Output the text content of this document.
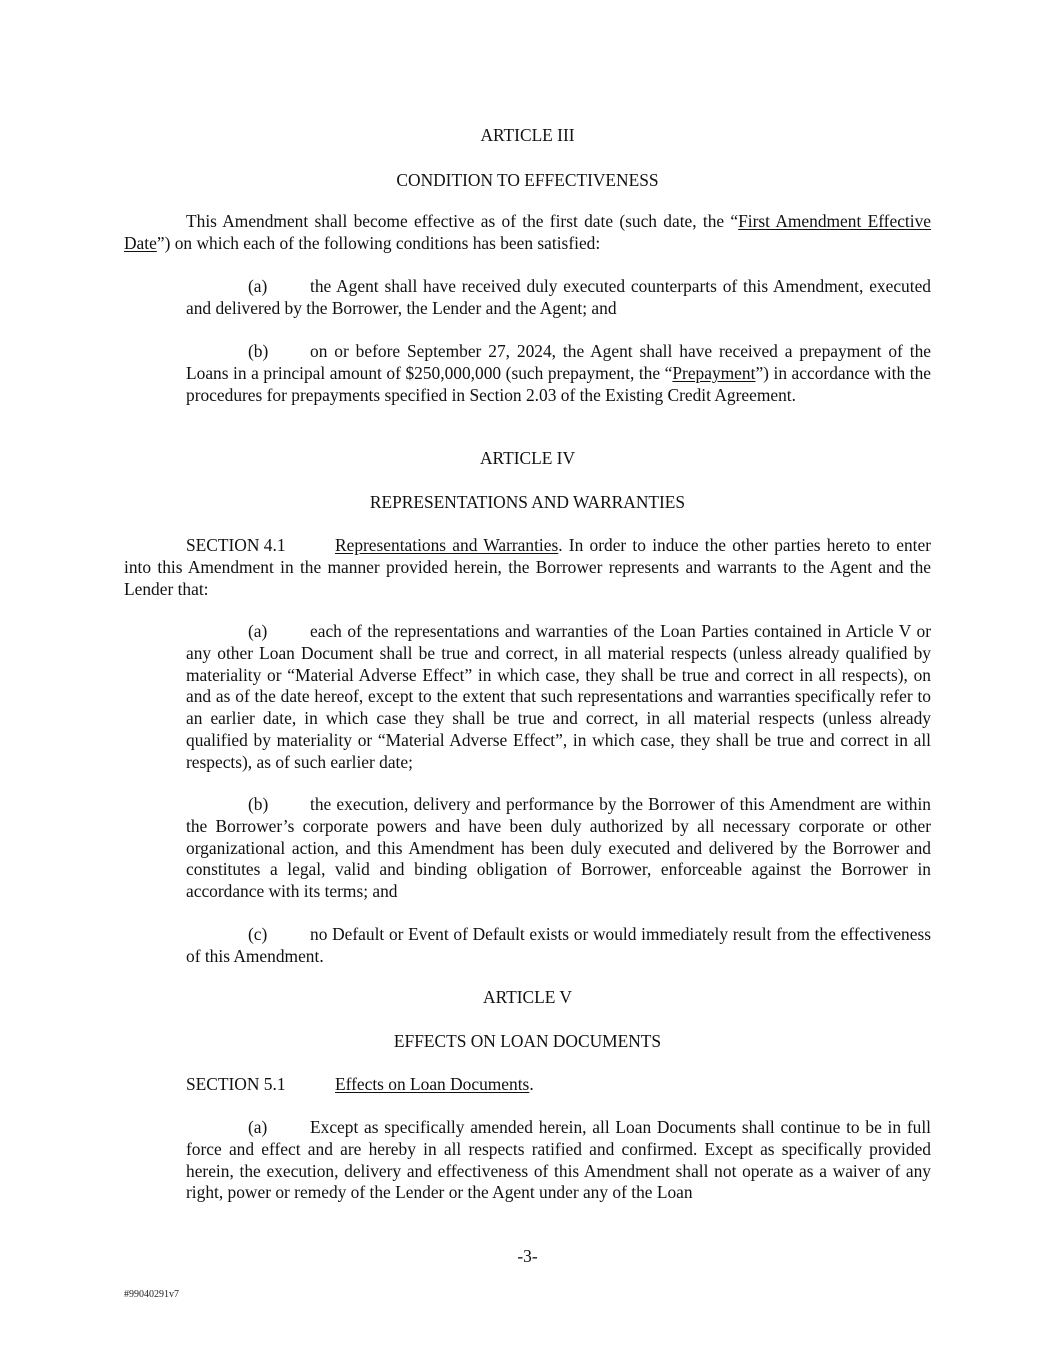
ARTICLE III
CONDITION TO EFFECTIVENESS

This Amendment shall become effective as of the first date (such date, the “First Amendment Effective Date”) on which each of the following conditions has been satisfied:

(a) the Agent shall have received duly executed counterparts of this Amendment, executed and delivered by the Borrower, the Lender and the Agent; and

(b) on or before September 27, 2024, the Agent shall have received a prepayment of the Loans in a principal amount of $250,000,000 (such prepayment, the “Prepayment”) in accordance with the procedures for prepayments specified in Section 2.03 of the Existing Credit Agreement.

ARTICLE IV
REPRESENTATIONS AND WARRANTIES

SECTION 4.1	Representations and Warranties. In order to induce the other parties hereto to enter into this Amendment in the manner provided herein, the Borrower represents and warrants to the Agent and the Lender that:

(a) each of the representations and warranties of the Loan Parties contained in Article V or any other Loan Document shall be true and correct, in all material respects (unless already qualified by materiality or “Material Adverse Effect” in which case, they shall be true and correct in all respects), on and as of the date hereof, except to the extent that such representations and warranties specifically refer to an earlier date, in which case they shall be true and correct, in all material respects (unless already qualified by materiality or “Material Adverse Effect”, in which case, they shall be true and correct in all respects), as of such earlier date;

(b) the execution, delivery and performance by the Borrower of this Amendment are within the Borrower’s corporate powers and have been duly authorized by all necessary corporate or other organizational action, and this Amendment has been duly executed and delivered by the Borrower and constitutes a legal, valid and binding obligation of Borrower, enforceable against the Borrower in accordance with its terms; and

(c) no Default or Event of Default exists or would immediately result from the effectiveness of this Amendment.

ARTICLE V
EFFECTS ON LOAN DOCUMENTS

SECTION 5.1	Effects on Loan Documents.

(a) Except as specifically amended herein, all Loan Documents shall continue to be in full force and effect and are hereby in all respects ratified and confirmed. Except as specifically provided herein, the execution, delivery and effectiveness of this Amendment shall not operate as a waiver of any right, power or remedy of the Lender or the Agent under any of the Loan

-3-
#99040291v7
